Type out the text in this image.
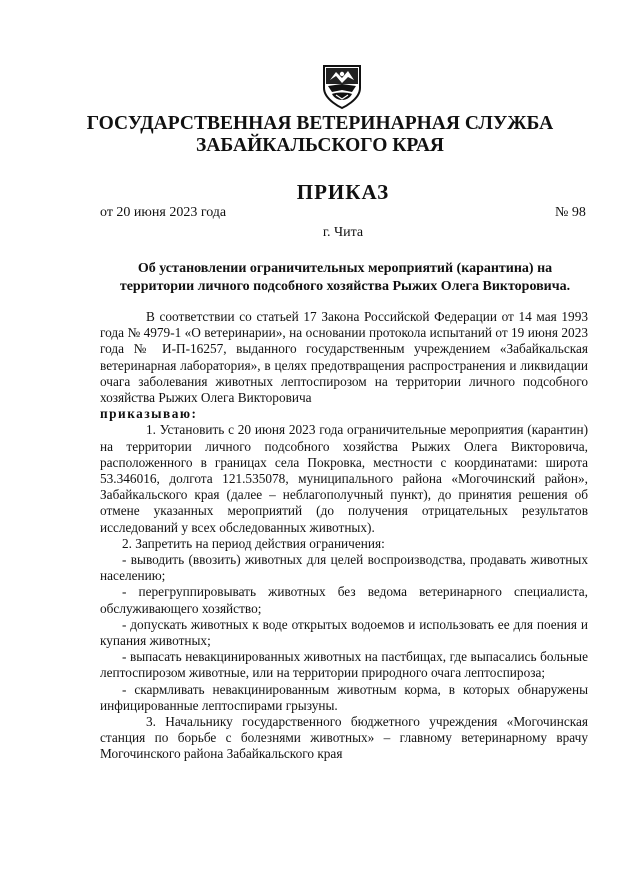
ГОСУДАРСТВЕННАЯ ВЕТЕРИНАРНАЯ СЛУЖБА
ЗАБАЙКАЛЬСКОГО КРАЯ
ПРИКАЗ
от 20 июня 2023 года	№ 98
г. Чита
Об установлении ограничительных мероприятий (карантина) на территории личного подсобного хозяйства Рыжих Олега Викторовича.

В соответствии со статьей 17 Закона Российской Федерации от 14 мая 1993 года № 4979-1 «О ветеринарии», на основании протокола испытаний от 19 июня 2023 года № И-П-16257, выданного государственным учреждением «Забайкальская ветеринарная лаборатория», в целях предотвращения распространения и ликвидации очага заболевания животных лептоспирозом на территории личного подсобного хозяйства Рыжих Олега Викторовича

приказываю:

1. Установить с 20 июня 2023 года ограничительные мероприятия (карантин) на территории личного подсобного хозяйства Рыжих Олега Викторовича, расположенного в границах села Покровка, местности с координатами: широта 53.346016, долгота 121.535078, муниципального района «Могочинский район», Забайкальского края (далее – неблагополучный пункт), до принятия решения об отмене указанных мероприятий (до получения отрицательных результатов исследований у всех обследованных животных).

2. Запретить на период действия ограничения:

- выводить (ввозить) животных для целей воспроизводства, продавать животных населению;

- перегруппировывать животных без ведома ветеринарного специалиста, обслуживающего хозяйство;

- допускать животных к воде открытых водоемов и использовать ее для поения и купания животных;

- выпасать невакцинированных животных на пастбищах, где выпасались больные лептоспирозом животные, или на территории природного очага лептоспироза;

- скармливать невакцинированным животным корма, в которых обнаружены инфицированные лептоспирами грызуны.

3. Начальнику государственного бюджетного учреждения «Могочинская станция по борьбе с болезнями животных» – главному ветеринарному врачу Могочинского района Забайкальского края
